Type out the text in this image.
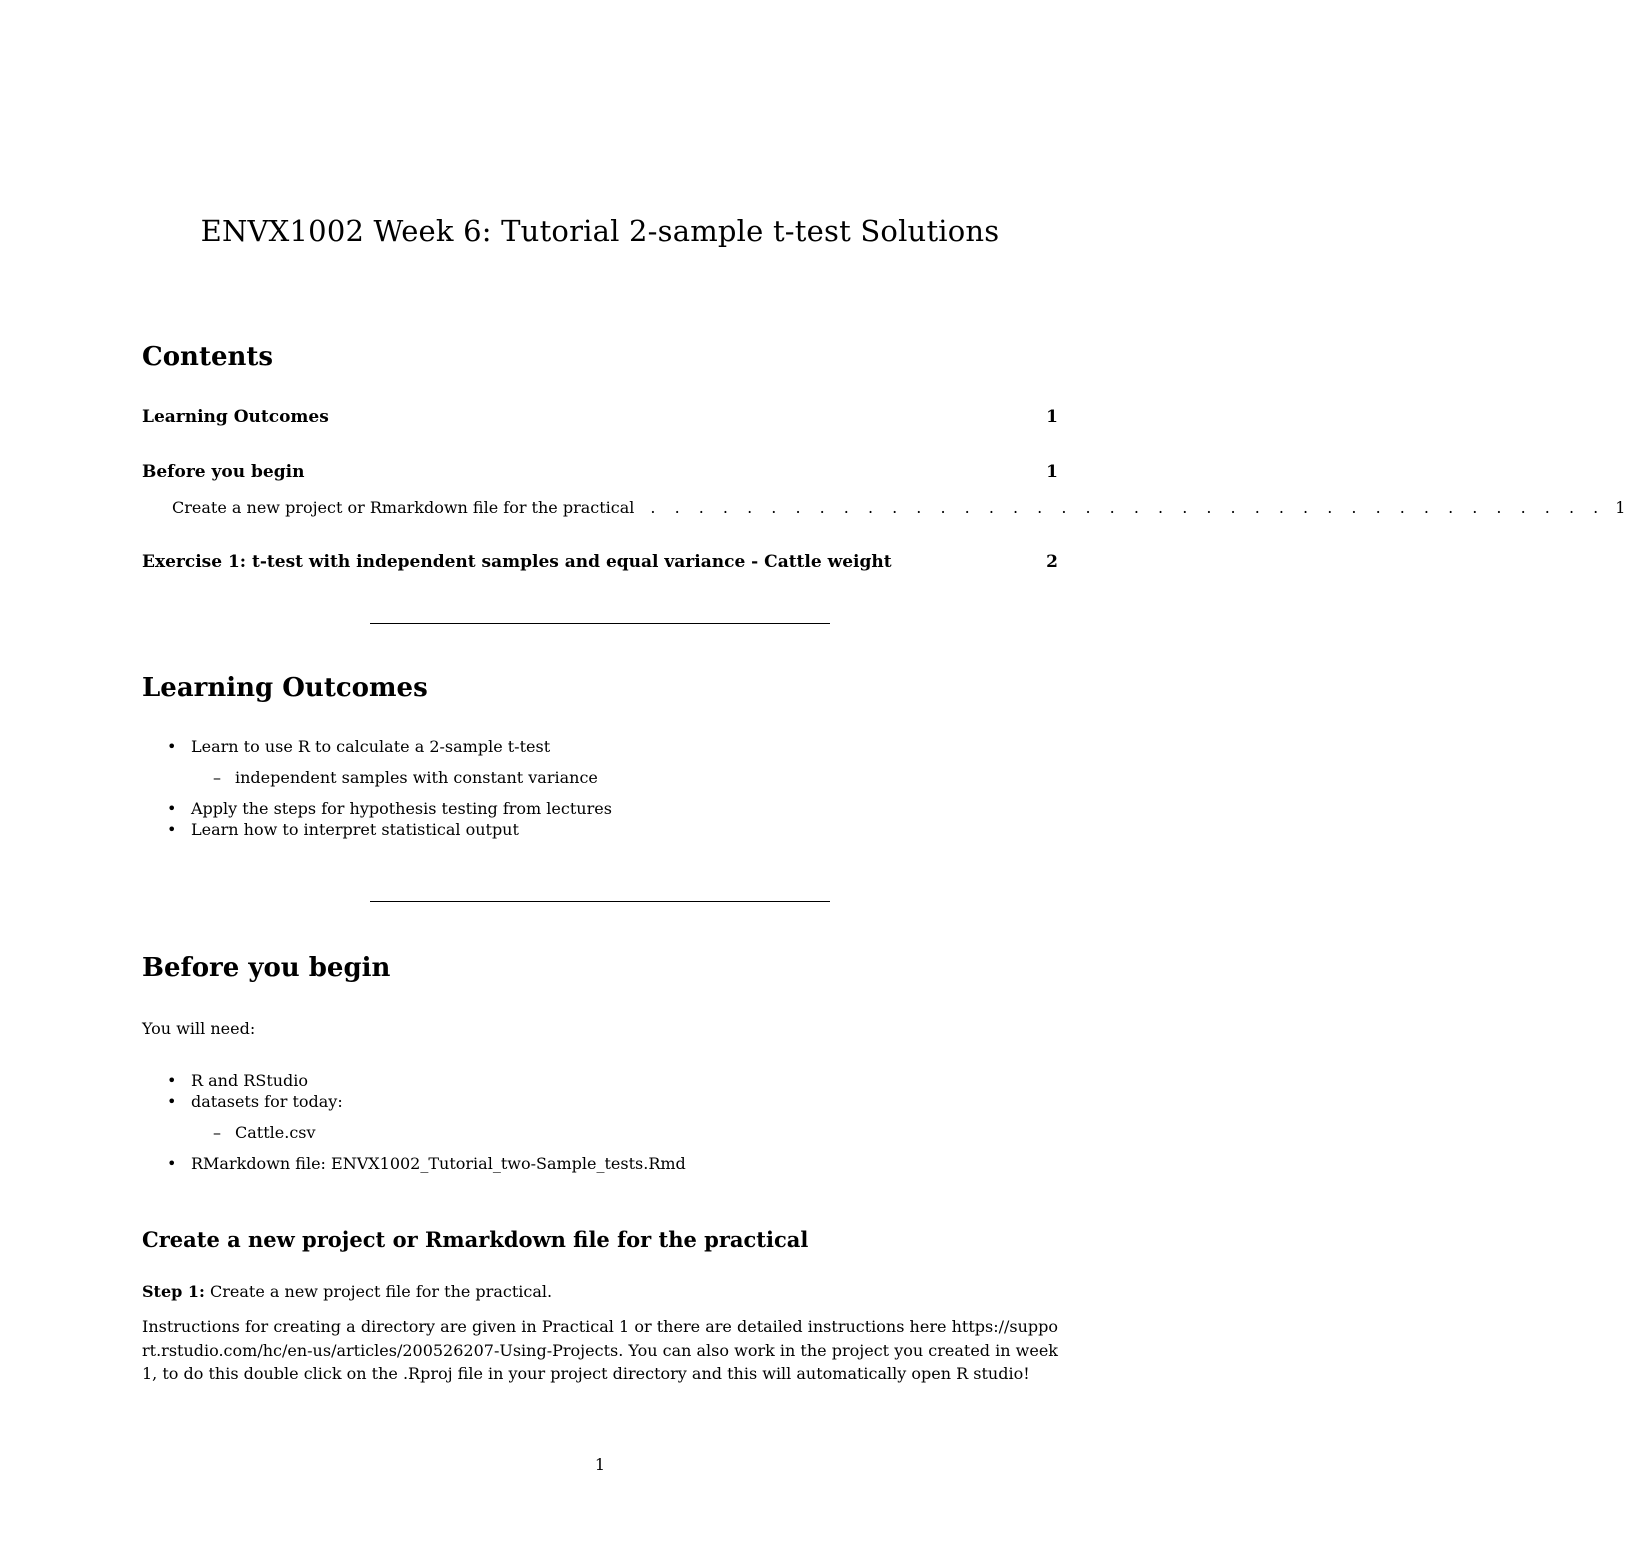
ENVX1002 Week 6: Tutorial 2-sample t-test Solutions
Contents
Learning Outcomes	1
Before you begin	1
Create a new project or Rmarkdown file for the practical . . . . . . . . . . . . . . . . . . . . . . . . . . . . . . . . . . . . . . . . 1
Exercise 1: t-test with independent samples and equal variance - Cattle weight	2
Learning Outcomes
• Learn to use R to calculate a 2-sample t-test
– independent samples with constant variance
• Apply the steps for hypothesis testing from lectures
• Learn how to interpret statistical output
Before you begin

You will need:

• R and RStudio
• datasets for today:
– Cattle.csv
• RMarkdown file: ENVX1002_Tutorial_two-Sample_tests.Rmd
Create a new project or Rmarkdown file for the practical

Step 1: Create a new project file for the practical.

Instructions for creating a directory are given in Practical 1 or there are detailed instructions here https://support.rstudio.com/hc/en-us/articles/200526207-Using-Projects. You can also work in the project you created in week 1, to do this double click on the .Rproj file in your project directory and this will automatically open R studio!

1
